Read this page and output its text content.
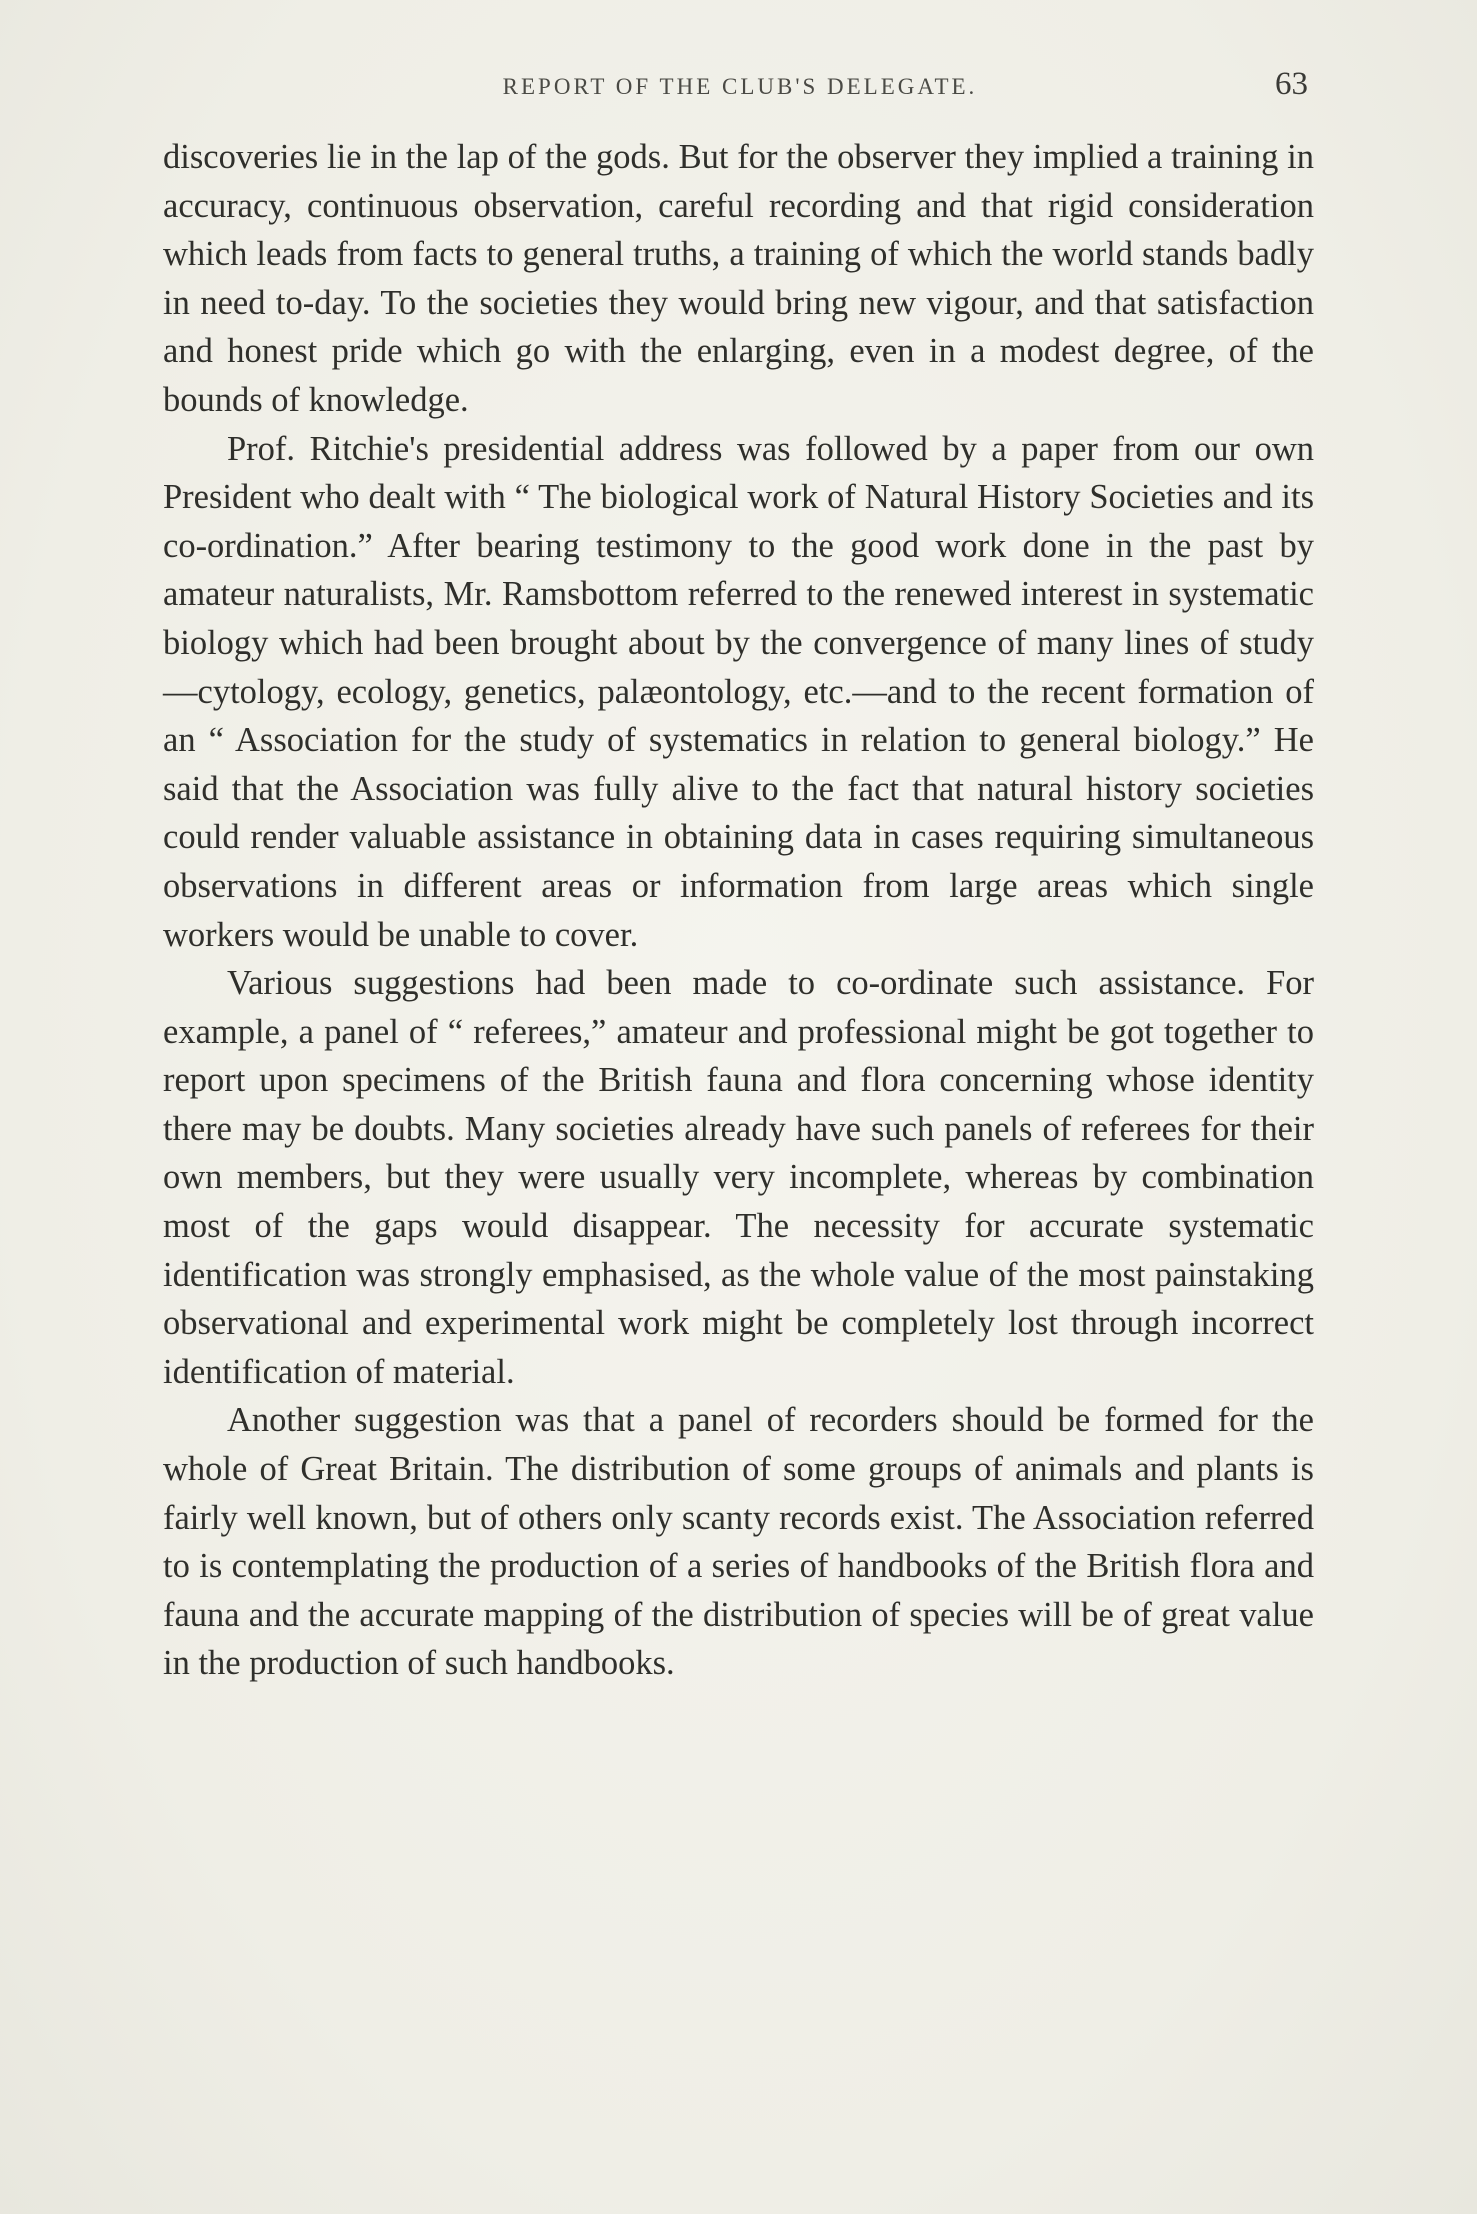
REPORT OF THE CLUB'S DELEGATE.	63

discoveries lie in the lap of the gods. But for the observer they implied a training in accuracy, continuous observation, careful recording and that rigid consideration which leads from facts to general truths, a training of which the world stands badly in need to-day. To the societies they would bring new vigour, and that satisfaction and honest pride which go with the enlarging, even in a modest degree, of the bounds of knowledge.

Prof. Ritchie's presidential address was followed by a paper from our own President who dealt with “ The biological work of Natural History Societies and its co-ordination.” After bearing testimony to the good work done in the past by amateur naturalists, Mr. Ramsbottom referred to the renewed interest in systematic biology which had been brought about by the convergence of many lines of study—cytology, ecology, genetics, palæontology, etc.—and to the recent formation of an “ Association for the study of systematics in relation to general biology.” He said that the Association was fully alive to the fact that natural history societies could render valuable assistance in obtaining data in cases requiring simultaneous observations in different areas or information from large areas which single workers would be unable to cover.

Various suggestions had been made to co-ordinate such assistance. For example, a panel of “ referees,” amateur and professional might be got together to report upon specimens of the British fauna and flora concerning whose identity there may be doubts. Many societies already have such panels of referees for their own members, but they were usually very incomplete, whereas by combination most of the gaps would disappear. The necessity for accurate systematic identification was strongly emphasised, as the whole value of the most painstaking observational and experimental work might be completely lost through incorrect identification of material.

Another suggestion was that a panel of recorders should be formed for the whole of Great Britain. The distribution of some groups of animals and plants is fairly well known, but of others only scanty records exist. The Association referred to is contemplating the production of a series of handbooks of the British flora and fauna and the accurate mapping of the distribution of species will be of great value in the production of such handbooks.
